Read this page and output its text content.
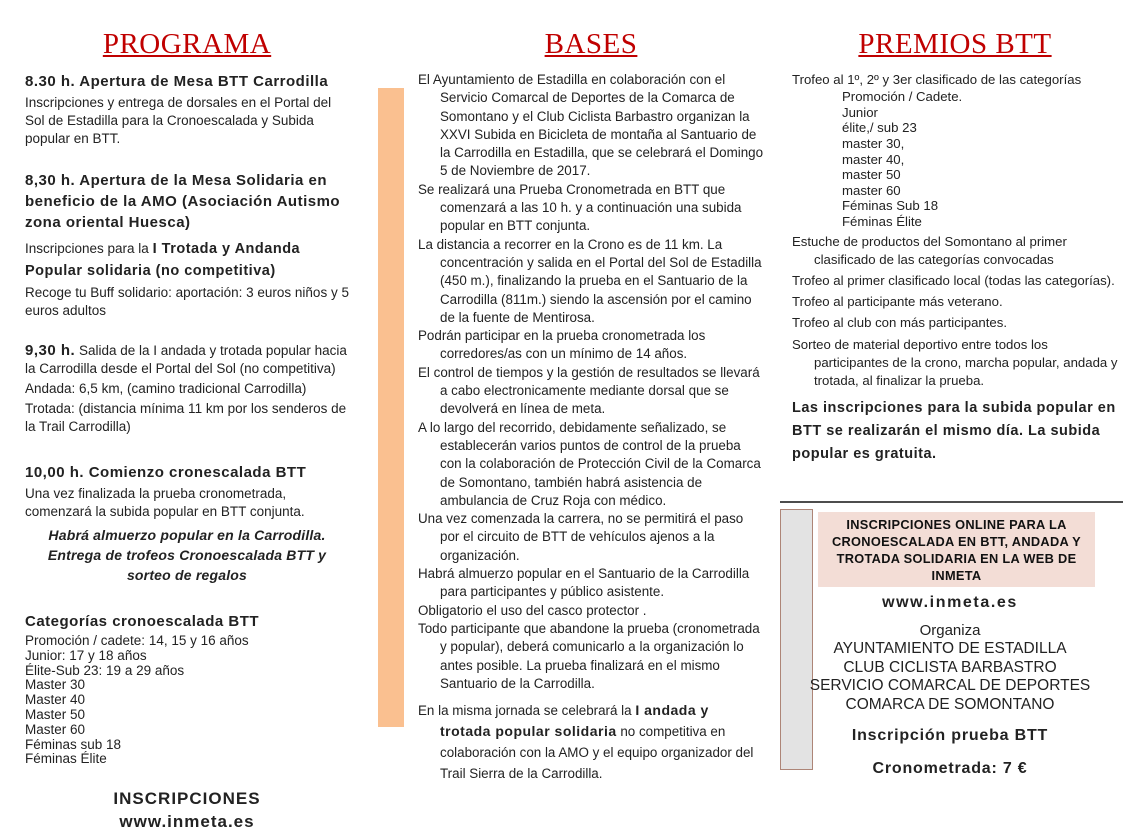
PROGRAMA
8.30 h. Apertura de Mesa BTT Carrodilla

Inscripciones y entrega de dorsales en el Portal del Sol de Estadilla para la Cronoescalada y Subida popular en BTT.

8,30 h. Apertura de la Mesa Solidaria en beneficio de la AMO (Asociación Autismo zona oriental Huesca)

Inscripciones para la I Trotada y Andanda Popular solidaria (no competitiva)

Recoge tu Buff solidario: aportación: 3 euros niños y 5 euros adultos

9,30 h. Salida de la I andada y trotada popular hacia la Carrodilla desde el Portal del Sol (no competitiva)

Andada: 6,5 km, (camino tradicional Carrodilla)

Trotada: (distancia mínima 11 km por los senderos de la Trail Carrodilla)

10,00 h. Comienzo cronescalada BTT

Una vez finalizada la prueba cronometrada, comenzará la subida popular en BTT conjunta.

Habrá almuerzo popular en la Carrodilla. Entrega de trofeos Cronoescalada BTT y sorteo de regalos

Categorías cronoescalada BTT
Promoción / cadete: 14, 15 y 16 años
Junior: 17 y 18 años
Élite-Sub 23: 19 a 29 años
Master 30
Master 40
Master 50
Master 60
Féminas sub 18
Féminas Élite
INSCRIPCIONES
www.inmeta.es
BASES

El Ayuntamiento de Estadilla en colaboración con el Servicio Comarcal de Deportes de la Comarca de Somontano y el Club Ciclista Barbastro organizan la XXVI Subida en Bicicleta de montaña al Santuario de la Carrodilla en Estadilla, que se celebrará el Domingo 5 de Noviembre de 2017.

Se realizará una Prueba Cronometrada en BTT que comenzará a las 10 h. y a continuación una subida popular en BTT conjunta.

La distancia a recorrer en la Crono es de 11 km. La concentración y salida en el Portal del Sol de Estadilla (450 m.), finalizando la prueba en el Santuario de la Carrodilla (811m.) siendo la ascensión por el camino de la fuente de Mentirosa.

Podrán participar en la prueba cronometrada los corredores/as con un mínimo de 14 años.

El control de tiempos y la gestión de resultados se llevará a cabo electronicamente mediante dorsal que se devolverá en línea de meta.

A lo largo del recorrido, debidamente señalizado, se establecerán varios puntos de control de la prueba con la colaboración de Protección Civil de la Comarca de Somontano, también habrá asistencia de ambulancia de Cruz Roja con médico.

Una vez comenzada la carrera, no se permitirá el paso por el circuito de BTT de vehículos ajenos a la organización.

Habrá almuerzo popular en el Santuario de la Carrodilla para participantes y público asistente.

Obligatorio el uso del casco protector .

Todo participante que abandone la prueba (cronometrada y popular), deberá comunicarlo a la organización lo antes posible. La prueba finalizará en el mismo Santuario de la Carrodilla.

En la misma jornada se celebrará la I andada y trotada popular solidaria no competitiva en colaboración con la AMO y el equipo organizador del Trail Sierra de la Carrodilla.

PREMIOS BTT

Trofeo al 1º, 2º y 3er clasificado de las categorías

Promoción / Cadete.
Junior
élite,/ sub 23
master 30,
master 40,
master 50
master 60
Féminas Sub 18
Féminas Élite

Estuche de productos del Somontano al primer clasificado de las categorías convocadas

Trofeo al primer clasificado local (todas las categorías).

Trofeo al participante más veterano.

Trofeo al club con más participantes.

Sorteo de material deportivo entre todos los participantes de la crono, marcha popular, andada y trotada, al finalizar la prueba.

Las inscripciones para la subida popular en BTT se realizarán el mismo día. La subida popular es gratuita.

INSCRIPCIONES ONLINE PARA LA CRONOESCALADA EN BTT, ANDADA Y TROTADA SOLIDARIA EN LA WEB DE INMETA

www.inmeta.es
Organiza
AYUNTAMIENTO DE ESTADILLA
CLUB CICLISTA BARBASTRO
SERVICIO COMARCAL DE DEPORTES
COMARCA DE SOMONTANO
Inscripción prueba BTT
Cronometrada: 7 €
